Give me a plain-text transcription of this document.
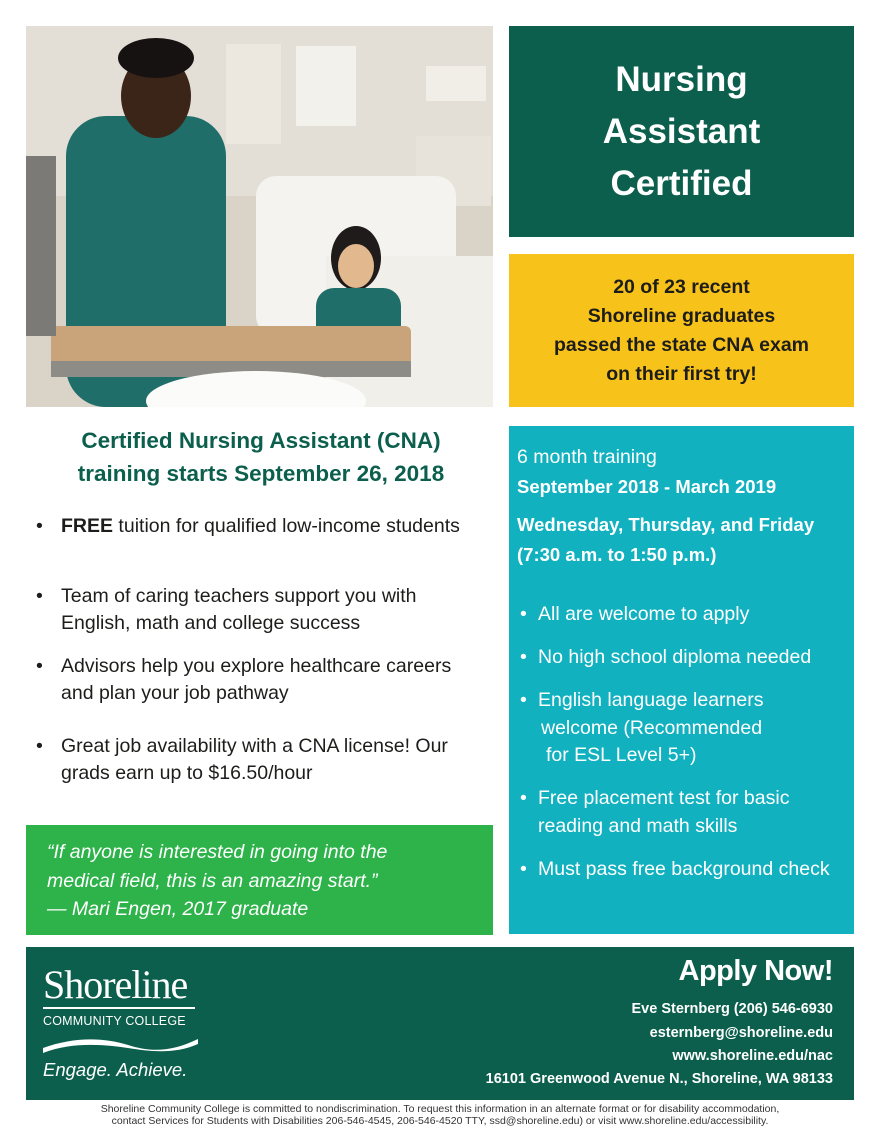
Nursing
Assistant
Certified
20 of 23 recent
Shoreline graduates
passed the state CNA exam
on their first try!
Certified Nursing Assistant (CNA)
training starts September 26, 2018
• FREE tuition for qualified low-income students
• Team of caring teachers support you with English, math and college success
• Advisors help you explore healthcare careers and plan your job pathway
• Great job availability with a CNA license! Our grads earn up to $16.50/hour
“If anyone is interested in going into the
medical field, this is an amazing start.”
— Mari Engen, 2017 graduate
6 month training
September 2018 - March 2019
Wednesday, Thursday, and Friday (7:30 a.m. to 1:50 p.m.)
• All are welcome to apply
• No high school diploma needed
• English language learners
welcome (Recommended
for ESL Level 5+)
• Free placement test for basic reading and math skills
• Must pass free background check
Shoreline
COMMUNITY COLLEGE
Engage. Achieve.
Apply Now!
Eve Sternberg (206) 546-6930
esternberg@shoreline.edu
www.shoreline.edu/nac
16101 Greenwood Avenue N., Shoreline, WA 98133
Shoreline Community College is committed to nondiscrimination. To request this information in an alternate format or for disability accommodation,
contact Services for Students with Disabilities 206-546-4545, 206-546-4520 TTY, ssd@shoreline.edu) or visit www.shoreline.edu/accessibility.
